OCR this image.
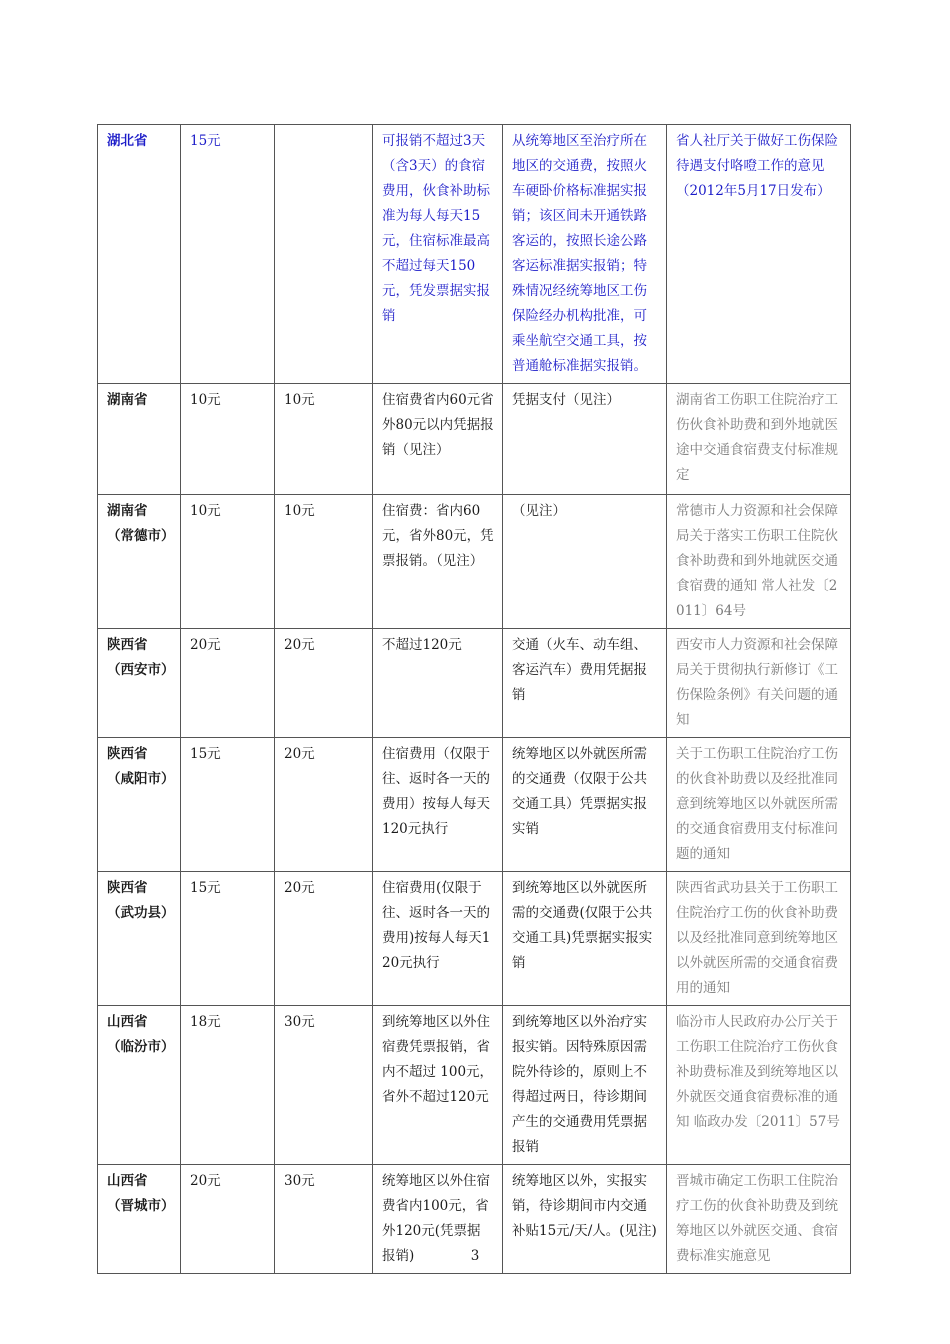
湖北省	15元		可报销不超过3天（含3天）的食宿费用，伙食补助标准为每人每天15元，住宿标准最高不超过每天150元，凭发票据实报销	从统筹地区至治疗所在地区的交通费，按照火车硬卧价格标准据实报销；该区间未开通铁路客运的，按照长途公路客运标准据实报销；特殊情况经统筹地区工伤保险经办机构批准，可乘坐航空交通工具，按普通舱标准据实报销。	省人社厅关于做好工伤保险待遇支付咯噔工作的意见（2012年5月17日发布）
湖南省	10元	10元	住宿费省内60元省外80元以内凭据报销（见注）	凭据支付（见注）	湖南省工伤职工住院治疗工伤伙食补助费和到外地就医途中交通食宿费支付标准规定
湖南省（常德市）	10元	10元	住宿费：省内60元，省外80元，凭票报销。（见注）	（见注）	常德市人力资源和社会保障局关于落实工伤职工住院伙食补助费和到外地就医交通食宿费的通知 常人社发〔2011〕64号
陕西省（西安市）	20元	20元	不超过120元	交通（火车、动车组、客运汽车）费用凭据报销	西安市人力资源和社会保障局关于贯彻执行新修订《工伤保险条例》有关问题的通知
陕西省（咸阳市）	15元	20元	住宿费用（仅限于往、返时各一天的费用）按每人每天120元执行	统筹地区以外就医所需的交通费（仅限于公共交通工具）凭票据实报实销	关于工伤职工住院治疗工伤的伙食补助费以及经批准同意到统筹地区以外就医所需的交通食宿费用支付标准问题的通知
陕西省（武功县）	15元	20元	住宿费用(仅限于往、返时各一天的费用)按每人每天120元执行	到统筹地区以外就医所需的交通费(仅限于公共交通工具)凭票据实报实销	陕西省武功县关于工伤职工住院治疗工伤的伙食补助费以及经批准同意到统筹地区以外就医所需的交通食宿费用的通知
山西省（临汾市）	18元	30元	到统筹地区以外住宿费凭票报销，省内不超过 100元，省外不超过120元	到统筹地区以外治疗实报实销。因特殊原因需院外待诊的，原则上不得超过两日，待诊期间产生的交通费用凭票据报销	临汾市人民政府办公厅关于工伤职工住院治疗工伤伙食补助费标准及到统筹地区以外就医交通食宿费标准的通知 临政办发〔2011〕57号
山西省（晋城市）	20元	30元	统筹地区以外住宿费省内100元，省外120元(凭票据报销)	统筹地区以外，实报实销，待诊期间市内交通补贴15元/天/人。(见注)	晋城市确定工伤职工住院治疗工伤的伙食补助费及到统筹地区以外就医交通、食宿费标准实施意见
3
